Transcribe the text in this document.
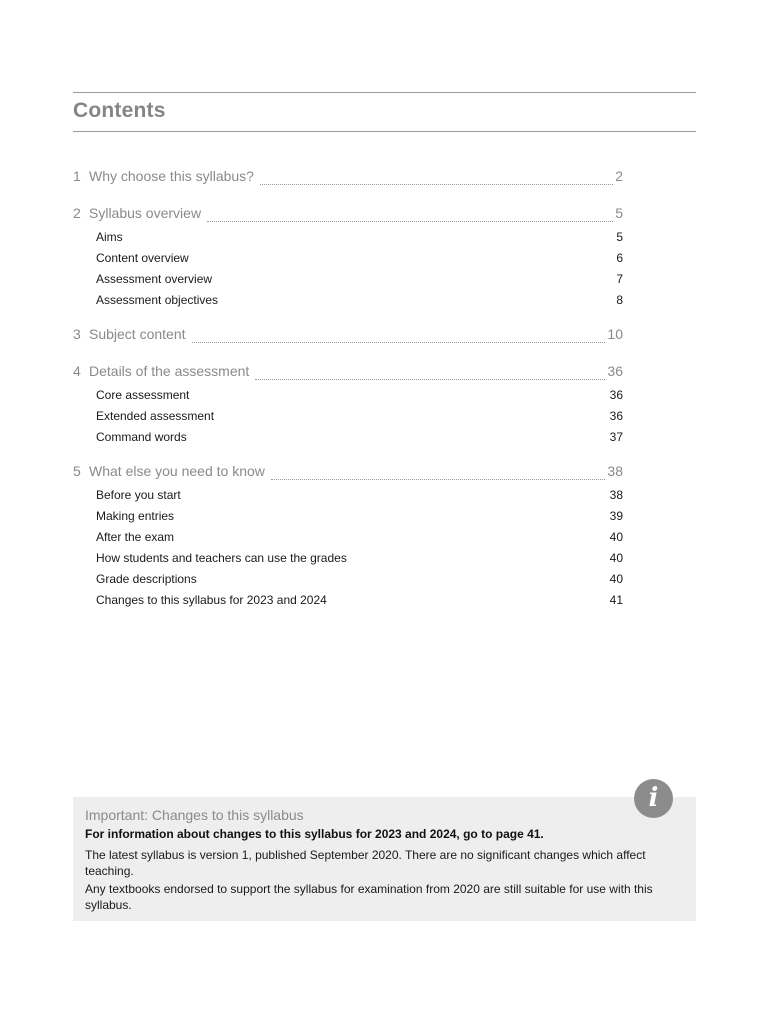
Contents
1 Why choose this syllabus?	2
2 Syllabus overview	5
Aims	5
Content overview	6
Assessment overview	7
Assessment objectives	8
3 Subject content	10
4 Details of the assessment	36
Core assessment	36
Extended assessment	36
Command words	37
5 What else you need to know	38
Before you start	38
Making entries	39
After the exam	40
How students and teachers can use the grades	40
Grade descriptions	40
Changes to this syllabus for 2023 and 2024	41
Important: Changes to this syllabus
For information about changes to this syllabus for 2023 and 2024, go to page 41.
The latest syllabus is version 1, published September 2020. There are no significant changes which affect teaching.
Any textbooks endorsed to support the syllabus for examination from 2020 are still suitable for use with this syllabus.
i
